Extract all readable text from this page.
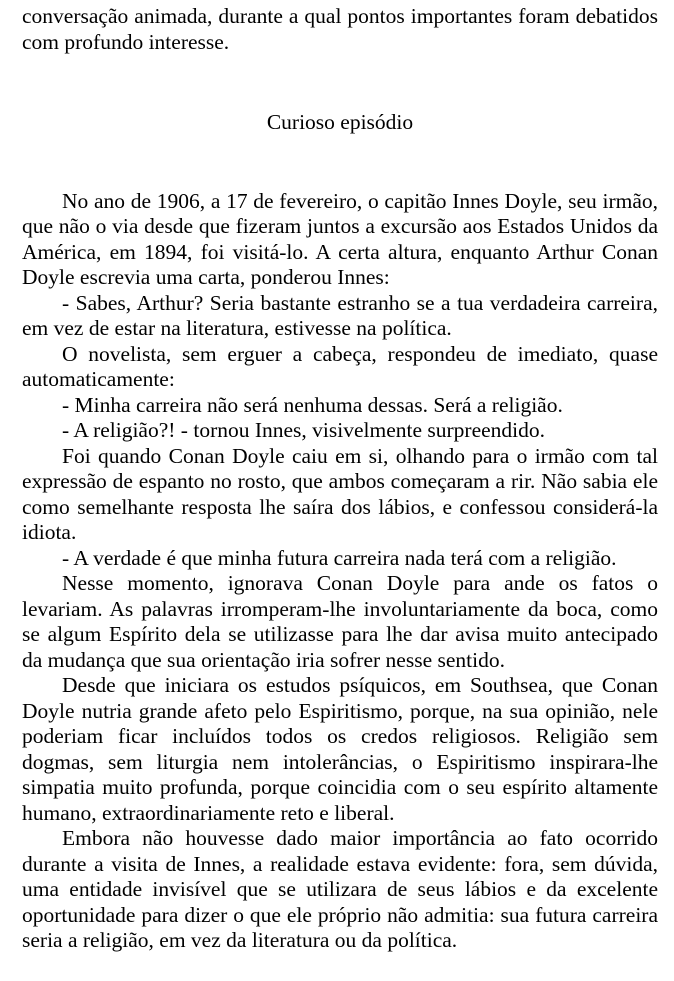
conversação animada, durante a qual pontos importantes foram debatidos com profundo interesse.

Curioso episódio

No ano de 1906, a 17 de fevereiro, o capitão Innes Doyle, seu irmão, que não o via desde que fizeram juntos a excursão aos Estados Unidos da América, em 1894, foi visitá-lo. A certa altura, enquanto Arthur Conan Doyle escrevia uma carta, ponderou Innes:

- Sabes, Arthur? Seria bastante estranho se a tua verdadeira carreira, em vez de estar na literatura, estivesse na política.

O novelista, sem erguer a cabeça, respondeu de imediato, quase automaticamente:

- Minha carreira não será nenhuma dessas. Será a religião.

- A religião?! - tornou Innes, visivelmente surpreendido.

Foi quando Conan Doyle caiu em si, olhando para o irmão com tal expressão de espanto no rosto, que ambos começaram a rir. Não sabia ele como semelhante resposta lhe saíra dos lábios, e confessou considerá-la idiota.

- A verdade é que minha futura carreira nada terá com a religião.

Nesse momento, ignorava Conan Doyle para ande os fatos o levariam. As palavras irromperam-lhe involuntariamente da boca, como se algum Espírito dela se utilizasse para lhe dar avisa muito antecipado da mudança que sua orientação iria sofrer nesse sentido.

Desde que iniciara os estudos psíquicos, em Southsea, que Conan Doyle nutria grande afeto pelo Espiritismo, porque, na sua opinião, nele poderiam ficar incluídos todos os credos religiosos. Religião sem dogmas, sem liturgia nem intolerâncias, o Espiritismo inspirara-lhe simpatia muito profunda, porque coincidia com o seu espírito altamente humano, extraordinariamente reto e liberal.

Embora não houvesse dado maior importância ao fato ocorrido durante a visita de Innes, a realidade estava evidente: fora, sem dúvida, uma entidade invisível que se utilizara de seus lábios e da excelente oportunidade para dizer o que ele próprio não admitia: sua futura carreira seria a religião, em vez da literatura ou da política.
